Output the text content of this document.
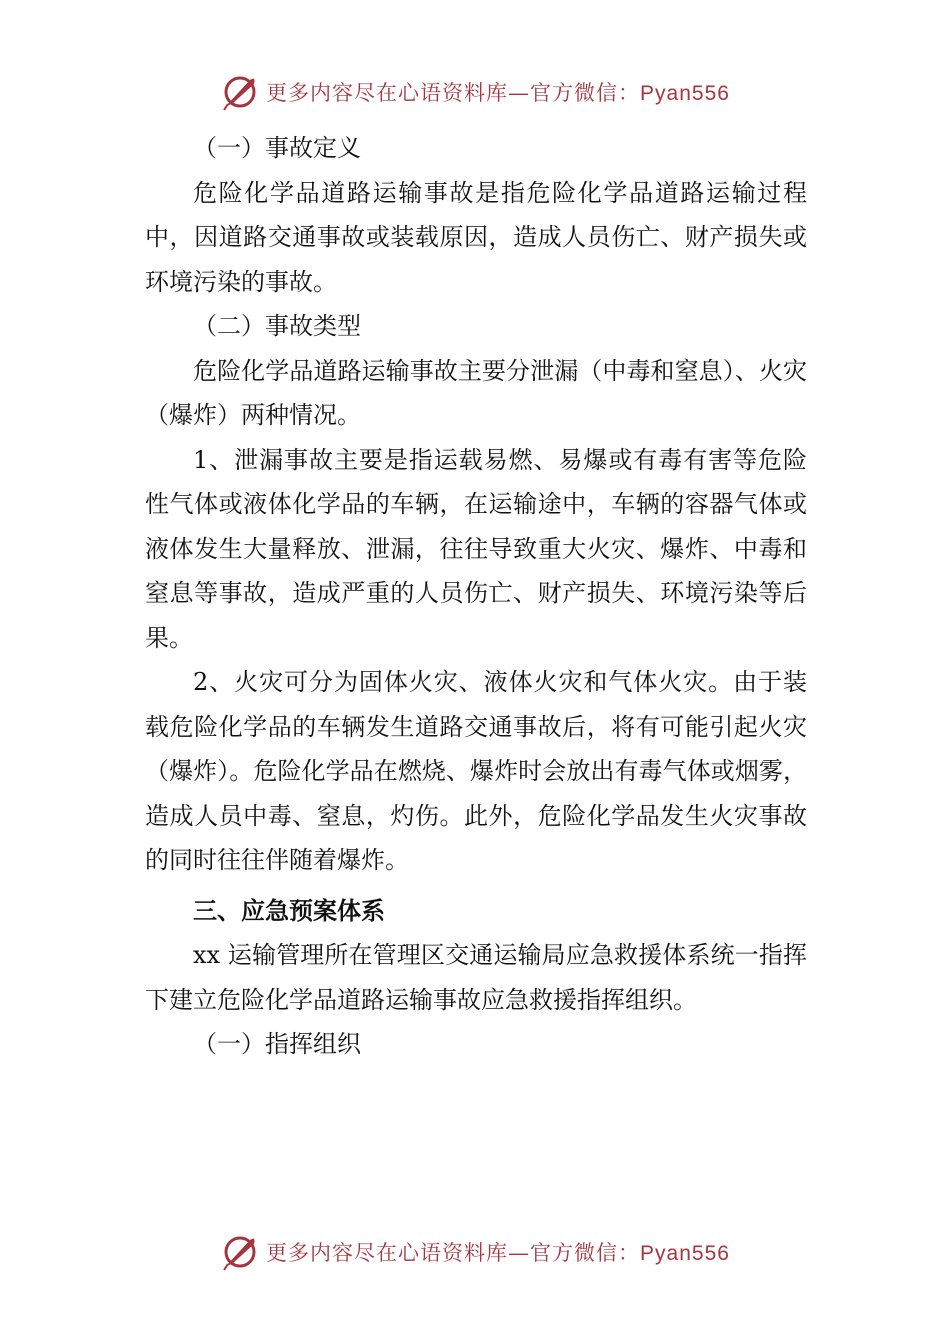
更多内容尽在心语资料库—官方微信：Pyan556

（一）事故定义

危险化学品道路运输事故是指危险化学品道路运输过程中，因道路交通事故或装载原因，造成人员伤亡、财产损失或环境污染的事故。

（二）事故类型

危险化学品道路运输事故主要分泄漏（中毒和窒息）、火灾（爆炸）两种情况。

1、泄漏事故主要是指运载易燃、易爆或有毒有害等危险性气体或液体化学品的车辆，在运输途中，车辆的容器气体或液体发生大量释放、泄漏，往往导致重大火灾、爆炸、中毒和窒息等事故，造成严重的人员伤亡、财产损失、环境污染等后果。

2、火灾可分为固体火灾、液体火灾和气体火灾。由于装载危险化学品的车辆发生道路交通事故后，将有可能引起火灾（爆炸）。危险化学品在燃烧、爆炸时会放出有毒气体或烟雾，造成人员中毒、窒息，灼伤。此外，危险化学品发生火灾事故的同时往往伴随着爆炸。

三、应急预案体系

xx 运输管理所在管理区交通运输局应急救援体系统一指挥下建立危险化学品道路运输事故应急救援指挥组织。

（一）指挥组织

更多内容尽在心语资料库—官方微信：Pyan556
